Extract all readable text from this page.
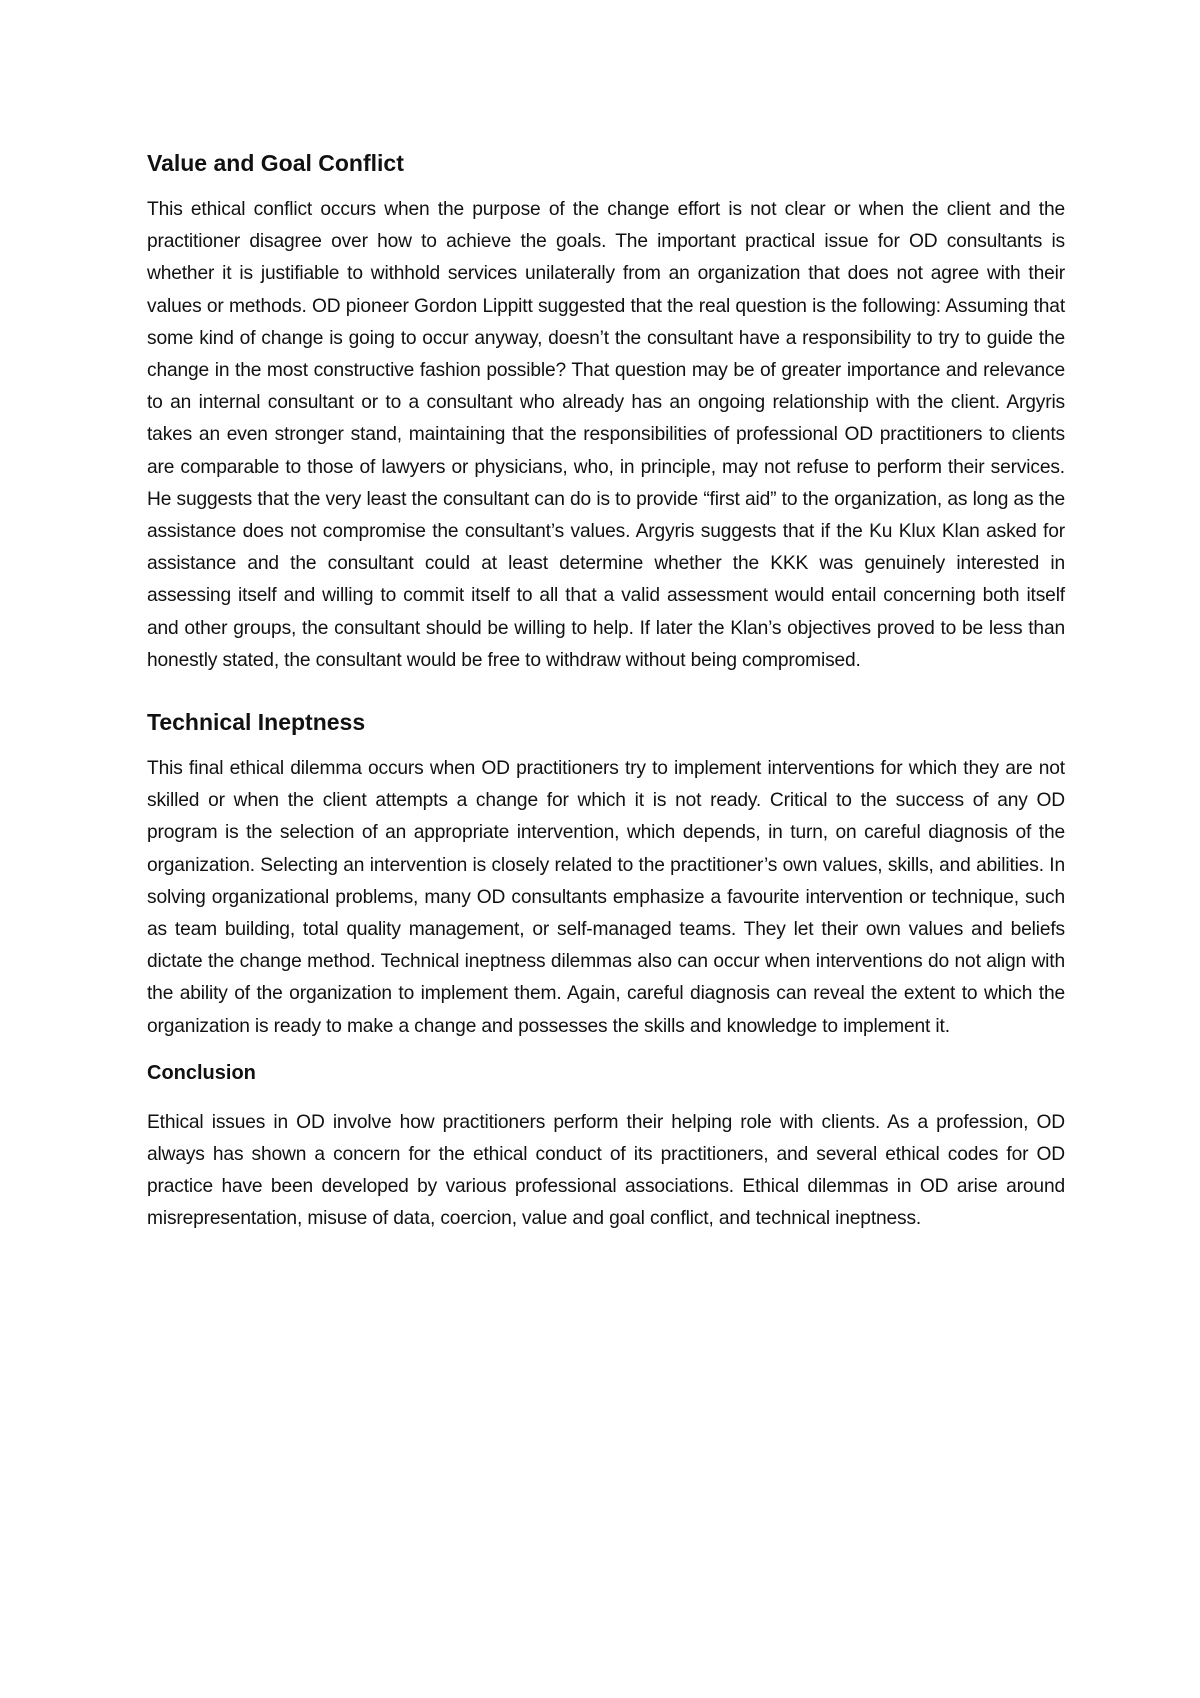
Value and Goal Conflict

This ethical conflict occurs when the purpose of the change effort is not clear or when the client and the practitioner disagree over how to achieve the goals. The important practical issue for OD consultants is whether it is justifiable to withhold services unilaterally from an organization that does not agree with their values or methods. OD pioneer Gordon Lippitt suggested that the real question is the following: Assuming that some kind of change is going to occur anyway, doesn’t the consultant have a responsibility to try to guide the change in the most constructive fashion possible? That question may be of greater importance and relevance to an internal consultant or to a consultant who already has an ongoing relationship with the client. Argyris takes an even stronger stand, maintaining that the responsibilities of professional OD practitioners to clients are comparable to those of lawyers or physicians, who, in principle, may not refuse to perform their services. He suggests that the very least the consultant can do is to provide “first aid” to the organization, as long as the assistance does not compromise the consultant’s values. Argyris suggests that if the Ku Klux Klan asked for assistance and the consultant could at least determine whether the KKK was genuinely interested in assessing itself and willing to commit itself to all that a valid assessment would entail concerning both itself and other groups, the consultant should be willing to help. If later the Klan’s objectives proved to be less than honestly stated, the consultant would be free to withdraw without being compromised.

Technical Ineptness

This final ethical dilemma occurs when OD practitioners try to implement interventions for which they are not skilled or when the client attempts a change for which it is not ready. Critical to the success of any OD program is the selection of an appropriate intervention, which depends, in turn, on careful diagnosis of the organization. Selecting an intervention is closely related to the practitioner’s own values, skills, and abilities. In solving organizational problems, many OD consultants emphasize a favourite intervention or technique, such as team building, total quality management, or self-managed teams. They let their own values and beliefs dictate the change method. Technical ineptness dilemmas also can occur when interventions do not align with the ability of the organization to implement them. Again, careful diagnosis can reveal the extent to which the organization is ready to make a change and possesses the skills and knowledge to implement it.

Conclusion

Ethical issues in OD involve how practitioners perform their helping role with clients. As a profession, OD always has shown a concern for the ethical conduct of its practitioners, and several ethical codes for OD practice have been developed by various professional associations. Ethical dilemmas in OD arise around misrepresentation, misuse of data, coercion, value and goal conflict, and technical ineptness.
